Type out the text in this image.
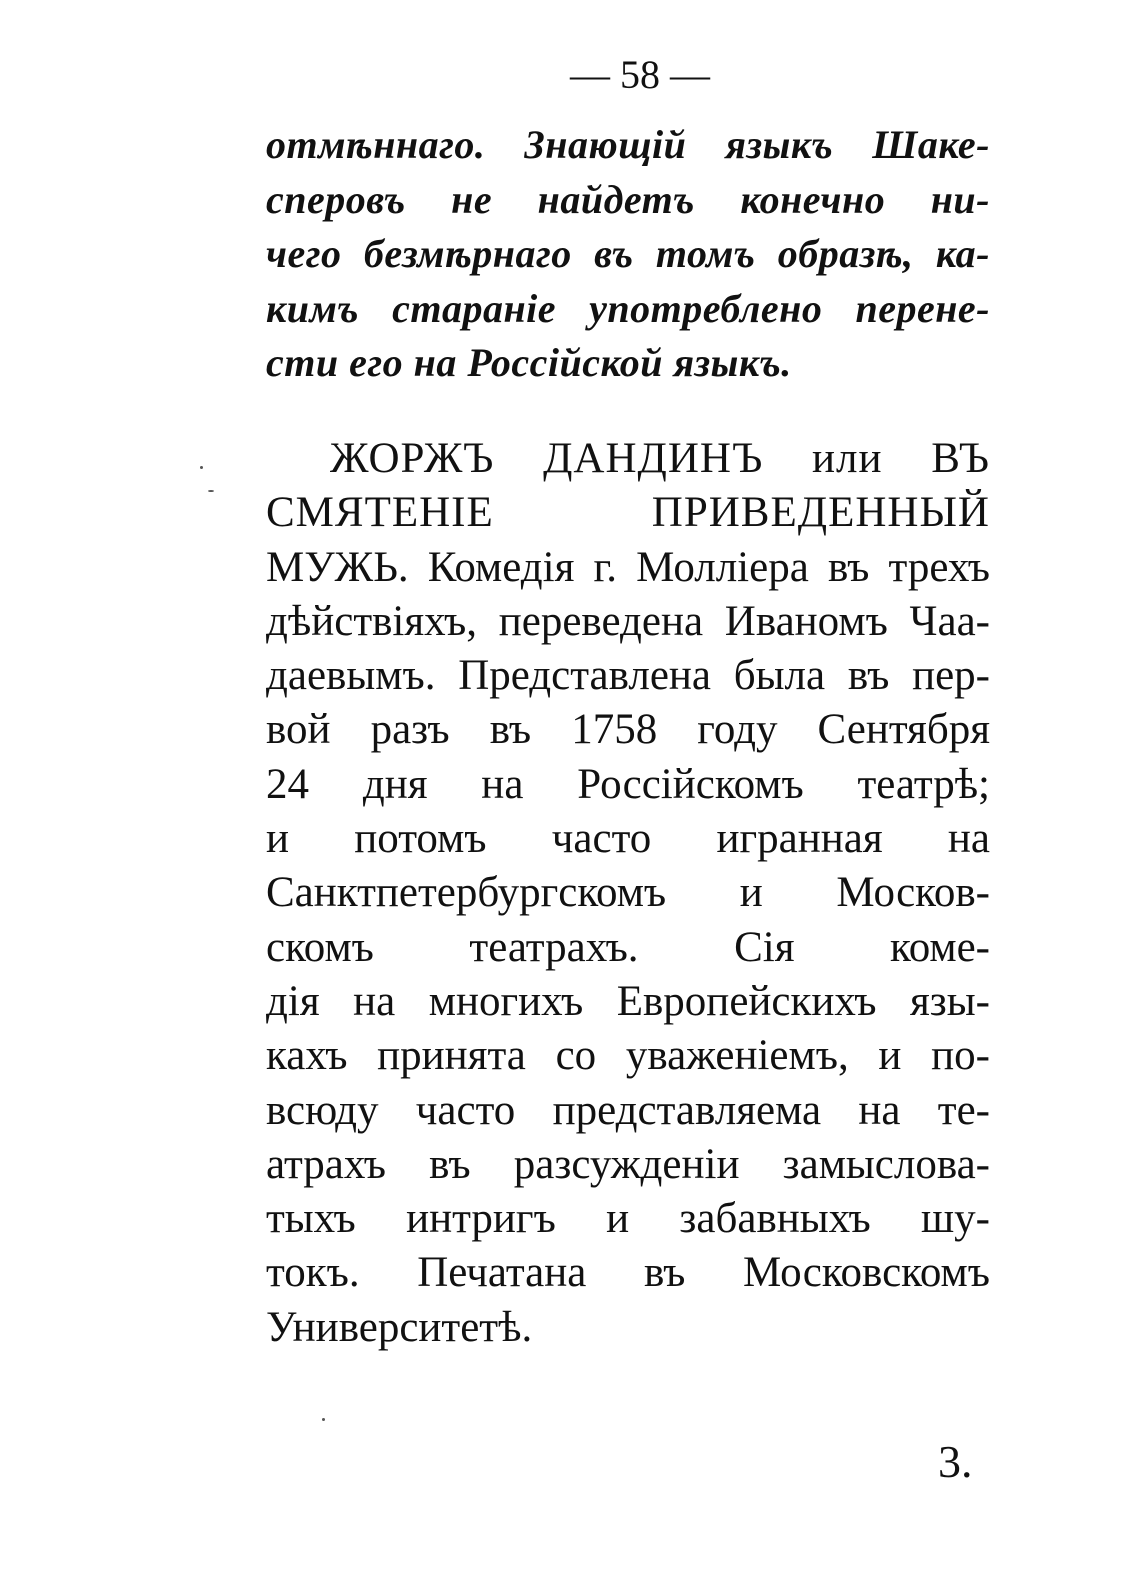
— 58 —
отмѣннаго. Знающій языкъ Шаке-
сперовъ не найдетъ конечно ни-
чего безмѣрнаго въ томъ образѣ, ка-
кимъ стараніе употреблено перене-
сти его на Россійской языкъ.
ЖОРЖЪ ДАНДИНЪ или ВЪ
СМЯТЕНІЕ ПРИВЕДЕННЫЙ
МУЖЬ. Комедія г. Молліера въ трехъ
дѣйствіяхъ, переведена Иваномъ Чаа-
даевымъ. Представлена была въ пер-
вой разъ въ 1758 году Сентября
24 дня на Россійскомъ театрѣ;
и потомъ часто игранная на
Санктпетербургскомъ и Москов-
скомъ театрахъ. Сія коме-
дія на многихъ Европейскихъ язы-
кахъ принята со уваженіемъ, и по-
всюду часто представляема на те-
атрахъ въ разсужденіи замыслова-
тыхъ интригъ и забавныхъ шу-
токъ. Печатана въ Московскомъ
Университетѣ.
3.
